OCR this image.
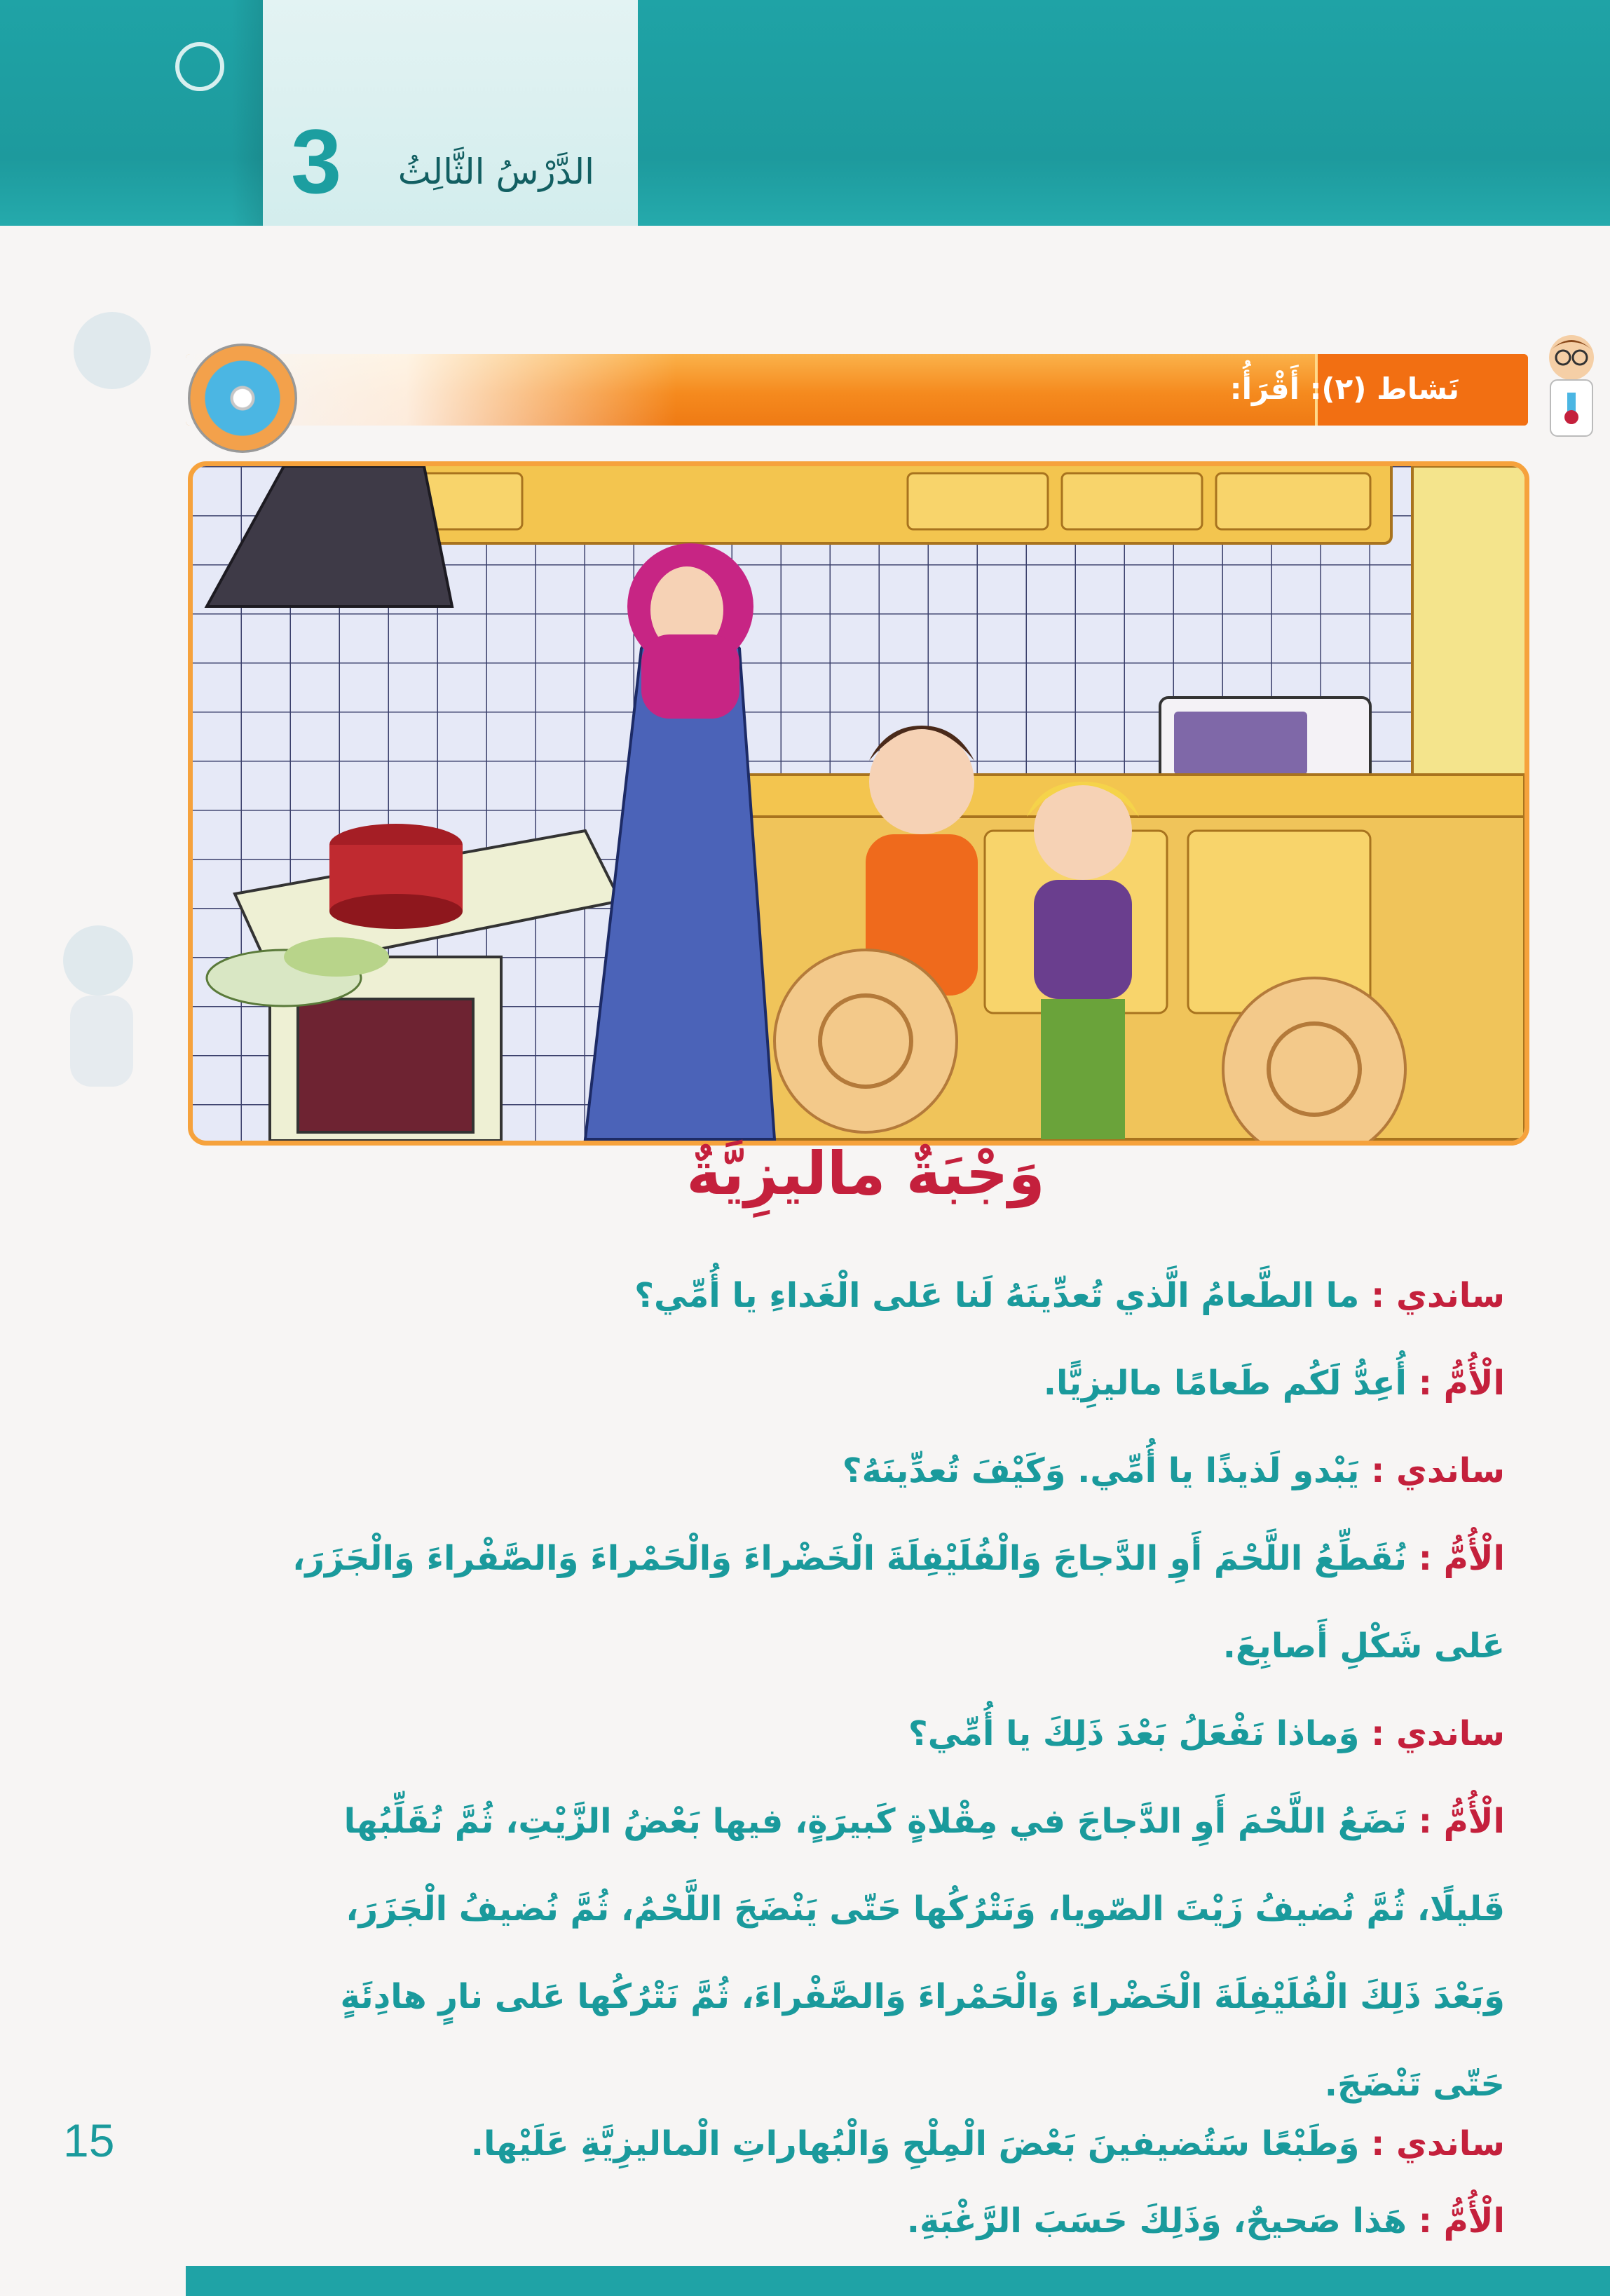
3	الدَّرْسُ الثَّالِثُ
نَشاط (٢): أَقْرَأُ:
وَجْبَةٌ ماليزِيَّةٌ
ساندي : ما الطَّعامُ الَّذي تُعدِّينَهُ لَنا عَلى الْغَداءِ يا أُمِّي؟
الْأُمُّ : أُعِدُّ لَكُم طَعامًا ماليزِيًّا.
ساندي : يَبْدو لَذيذًا يا أُمِّي. وَكَيْفَ تُعدِّينَهُ؟
الْأُمُّ : نُقَطِّعُ اللَّحْمَ أَوِ الدَّجاجَ وَالْفُلَيْفِلَةَ الْخَضْراءَ وَالْحَمْراءَ وَالصَّفْراءَ وَالْجَزَرَ،
عَلى شَكْلِ أَصابِعَ.
ساندي : وَماذا نَفْعَلُ بَعْدَ ذَلِكَ يا أُمِّي؟
الْأُمُّ : نَضَعُ اللَّحْمَ أَوِ الدَّجاجَ في مِقْلاةٍ كَبيرَةٍ، فيها بَعْضُ الزَّيْتِ، ثُمَّ نُقَلِّبُها
قَليلًا، ثُمَّ نُضيفُ زَيْتَ الصّويا، وَنَتْرُكُها حَتّى يَنْضَجَ اللَّحْمُ، ثُمَّ نُضيفُ الْجَزَرَ،
وَبَعْدَ ذَلِكَ الْفُلَيْفِلَةَ الْخَضْراءَ وَالْحَمْراءَ وَالصَّفْراءَ، ثُمَّ نَتْرُكُها عَلى نارٍ هادِئَةٍ
حَتّى تَنْضَجَ.
ساندي : وَطَبْعًا سَتُضيفينَ بَعْضَ الْمِلْحِ وَالْبُهاراتِ الْماليزِيَّةِ عَلَيْها.
الْأُمُّ : هَذا صَحيحٌ، وَذَلِكَ حَسَبَ الرَّغْبَةِ.
15
